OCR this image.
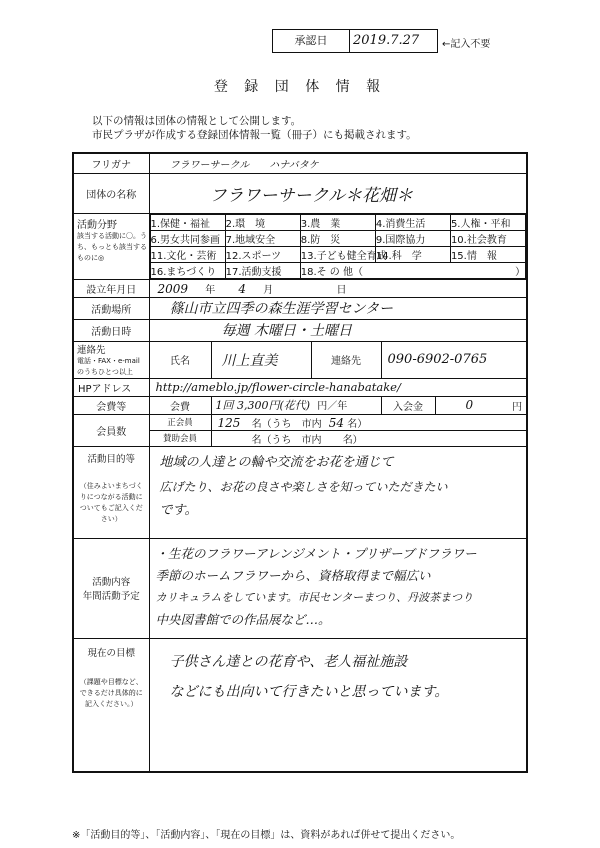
承認日	2019.7.27 ←記入不要
登 録 団 体 情 報
以下の情報は団体の情報として公開します。
市民プラザが作成する登録団体情報一覧（冊子）にも掲載されます。
フリガナ	フラワーサークル　　ハナバタケ
団体の名称	フラワーサークル＊花畑＊

活動分野
該当する活動に〇。うち、もっとも該当するものに◎

1.保健・福祉	2.環　境	3.農　業	4.消費生活	5.人権・平和
6.男女共同参画	7.地域安全	8.防　災	9.国際協力	10.社会教育
11.文化・芸術	12.スポーツ	13.子ども健全育成	14.科　学	15.情　報
16.まちづくり	17.活動支援	18.そ の 他（	）

設立年月日	2009 年 4 月	日
活動場所	篠山市立四季の森生涯学習センター
活動日時	毎週 木曜日・土曜日

連絡先
電話・FAX・e-mail のうちひとつ以上
	氏名	川上直美	連絡先	090-6902-0765
HPアドレス	http://ameblo.jp/flower-circle-hanabatake/
会費等	会費	1回 3,300円(花代) 円／年	入会金	0	円

会員数	正会員	125 名（うち　市内 54 名）
賛助会員	名（うち　市内 名）

活動目的等
（住みよいまちづくりにつながる活動についてもご記入ください）

地域の人達との輪や交流をお花を通じて
広げたり、お花の良さや楽しさを知っていただきたい
です。

活動内容
年間活動予定

・生花のフラワーアレンジメント・プリザーブドフラワー
季節のホームフラワーから、資格取得まで幅広い
カリキュラムをしています。市民センターまつり、丹波茶まつり
中央図書館での作品展など…。

現在の目標
（課題や目標など、できるだけ具体的に記入ください。）

子供さん達との花育や、老人福祉施設
などにも出向いて行きたいと思っています。
※「活動目的等」、「活動内容」、「現在の目標」は、資料があれば併せて提出ください。
